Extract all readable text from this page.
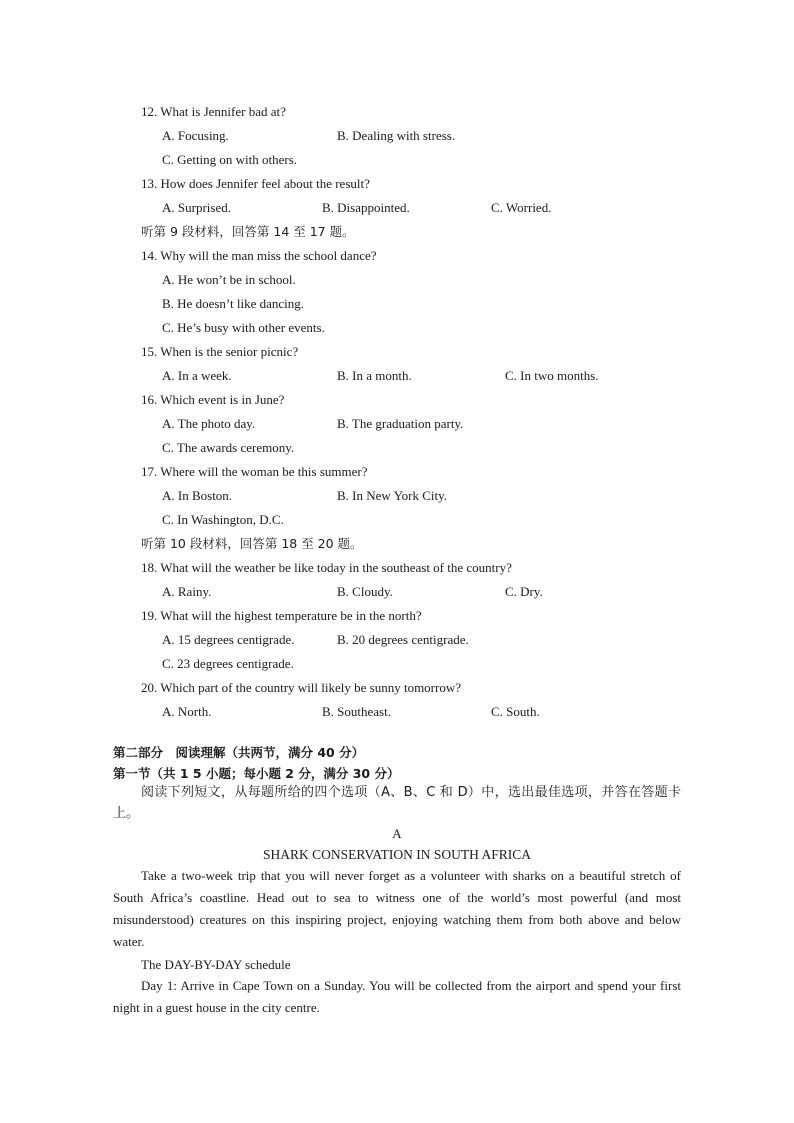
12. What is Jennifer bad at?
A. Focusing.	B. Dealing with stress.
C. Getting on with others.
13. How does Jennifer feel about the result?
A. Surprised.	B. Disappointed.	C. Worried.
听第 9 段材料，回答第 14 至 17 题。
14. Why will the man miss the school dance?
A. He won’t be in school.
B. He doesn’t like dancing.
C. He’s busy with other events.
15. When is the senior picnic?
A. In a week.	B. In a month.	C. In two months.
16. Which event is in June?
A. The photo day.	B. The graduation party.
C. The awards ceremony.
17. Where will the woman be this summer?
A. In Boston.	B. In New York City.
C. In Washington, D.C.
听第 10 段材料，回答第 18 至 20 题。
18. What will the weather be like today in the southeast of the country?
A. Rainy.	B. Cloudy.	C. Dry.
19. What will the highest temperature be in the north?
A. 15 degrees centigrade.	B. 20 degrees centigrade.
C. 23 degrees centigrade.
20. Which part of the country will likely be sunny tomorrow?
A. North.	B. Southeast.	C. South.
第二部分　阅读理解（共两节，满分 40 分）
第一节（共 1 5 小题；每小题 2 分，满分 30 分）
阅读下列短文，从每题所给的四个选项（A、B、C 和 D）中，选出最佳选项，并答在答题卡上。
A
SHARK CONSERVATION IN SOUTH AFRICA
Take a two-week trip that you will never forget as a volunteer with sharks on a beautiful stretch of South Africa’s coastline. Head out to sea to witness one of the world’s most powerful (and most misunderstood) creatures on this inspiring project, enjoying watching them from both above and below water.
The DAY-BY-DAY schedule
Day 1: Arrive in Cape Town on a Sunday. You will be collected from the airport and spend your first night in a guest house in the city centre.
